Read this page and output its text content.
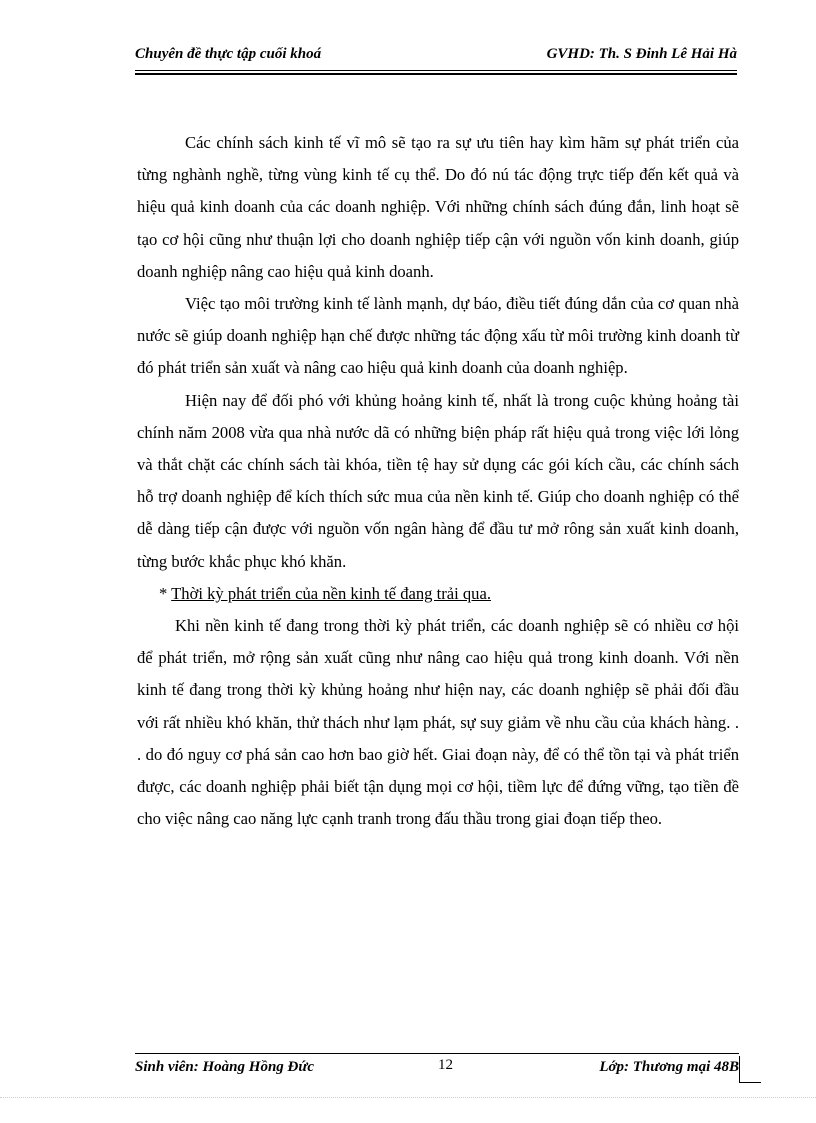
Chuyên đề thực tập cuối khoá	GVHD: Th. S Đinh Lê Hải Hà

Các chính sách kinh tế vĩ mô sẽ tạo ra sự ưu tiên hay kìm hãm sự phát triển của từng nghành nghề, từng vùng kinh tế cụ thể. Do đó nú tác động trực tiếp đến kết quả và hiệu quả kinh doanh của các doanh nghiệp. Với những chính sách đúng đắn, linh hoạt sẽ tạo cơ hội cũng như thuận lợi cho doanh nghiệp tiếp cận với nguồn vốn kinh doanh, giúp doanh nghiệp nâng cao hiệu quả kinh doanh.

Việc tạo môi trường kinh tế lành mạnh, dự báo, điều tiết đúng dắn của cơ quan nhà nước sẽ giúp doanh nghiệp hạn chế được những tác động xấu từ môi trường kinh doanh từ đó phát triển sản xuất và nâng cao hiệu quả kinh doanh của doanh nghiệp.

Hiện nay để đối phó với khủng hoảng kinh tế, nhất là trong cuộc khủng hoảng tài chính năm 2008 vừa qua nhà nước dã có những biện pháp rất hiệu quả trong việc lới lỏng và thắt chặt các chính sách tài khóa, tiền tệ hay sử dụng các gói kích cầu, các chính sách hỗ trợ doanh nghiệp để kích thích sức mua của nền kinh tế. Giúp cho doanh nghiệp có thể dễ dàng tiếp cận được với nguồn vốn ngân hàng để đầu tư mở rông sản xuất kinh doanh, từng bước khắc phục khó khăn.

* Thời kỳ phát triển của nền kinh tế đang trải qua.

Khi nền kinh tế đang trong thời kỳ phát triển, các doanh nghiệp sẽ có nhiều cơ hội để phát triển, mở rộng sản xuất cũng như nâng cao hiệu quả trong kinh doanh. Với nền kinh tế đang trong thời kỳ khủng hoảng như hiện nay, các doanh nghiệp sẽ phải đối đầu với rất nhiều khó khăn, thử thách như lạm phát, sự suy giảm về nhu cầu của khách hàng. . . do đó nguy cơ phá sản cao hơn bao giờ hết. Giai đoạn này, để có thể tồn tại và phát triển được, các doanh nghiệp phải biết tận dụng mọi cơ hội, tiềm lực để đứng vững, tạo tiền đề cho việc nâng cao năng lực cạnh tranh trong đấu thầu trong giai đoạn tiếp theo.

Sinh viên: Hoàng Hồng Đức	12	Lớp: Thương mại 48B
